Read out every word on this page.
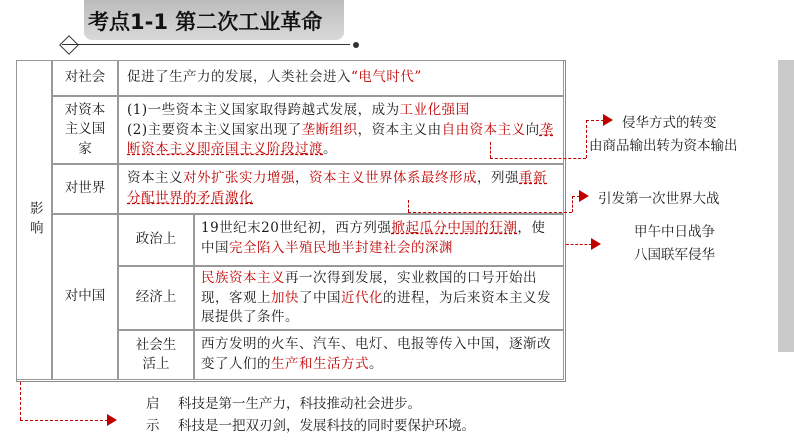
考点1-1 第二次工业革命
影响
对社会	促进了生产力的发展，人类社会进入“电气时代”
对资本主义国家
(1)一些资本主义国家取得跨越式发展，成为工业化强国
(2)主要资本主义国家出现了垄断组织，资本主义由自由资本主义向垄断资本主义即帝国主义阶段过渡。
对世界
资本主义对外扩张实力增强，资本主义世界体系最终形成，列强重新分配世界的矛盾激化
对中国
政治上
19世纪末20世纪初，西方列强掀起瓜分中国的狂潮，使中国完全陷入半殖民地半封建社会的深渊
经济上
民族资本主义再一次得到发展，实业救国的口号开始出现，客观上加快了中国近代化的进程，为后来资本主义发展提供了条件。
社会生活上
西方发明的火车、汽车、电灯、电报等传入中国，逐渐改变了人们的生产和生活方式。
侵华方式的转变
由商品输出转为资本输出
引发第一次世界大战
甲午中日战争
八国联军侵华
启 科技是第一生产力，科技推动社会进步。
示 科技是一把双刃剑，发展科技的同时要保护环境。
